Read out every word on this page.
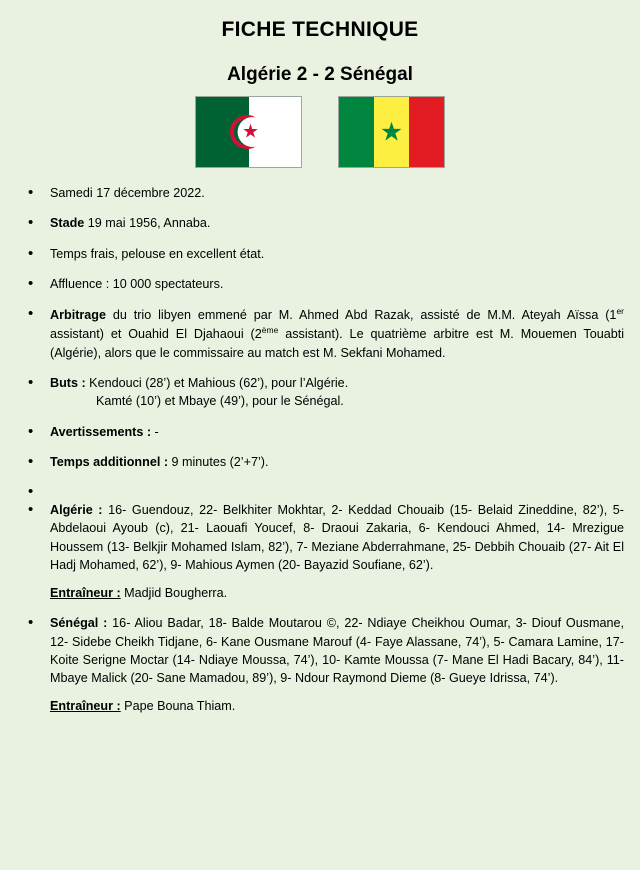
FICHE TECHNIQUE
Algérie 2 - 2 Sénégal
★	★
• Samedi 17 décembre 2022.
• Stade 19 mai 1956, Annaba.
• Temps frais, pelouse en excellent état.
• Affluence : 10 000 spectateurs.
• Arbitrage du trio libyen emmené par M. Ahmed Abd Razak, assisté de M.M. Ateyah Aïssa (1er assistant) et Ouahid El Djahaoui (2ème assistant). Le quatrième arbitre est M. Mouemen Touabti (Algérie), alors que le commissaire au match est M. Sekfani Mohamed.
• Buts : Kendouci (28’) et Mahious (62’), pour l’Algérie.
Kamté (10’) et Mbaye (49’), pour le Sénégal.
• Avertissements : -
• Temps additionnel : 9 minutes (2’+7’).
•
• Algérie : 16- Guendouz, 22- Belkhiter Mokhtar, 2- Keddad Chouaib (15- Belaid Zineddine, 82’), 5- Abdelaoui Ayoub (c), 21- Laouafi Youcef, 8- Draoui Zakaria, 6- Kendouci Ahmed, 14- Mrezigue Houssem (13- Belkjir Mohamed Islam, 82’), 7- Meziane Abderrahmane, 25- Debbih Chouaib (27- Ait El Hadj Mohamed, 62’), 9- Mahious Aymen (20- Bayazid Soufiane, 62’).
Entraîneur : Madjid Bougherra.
• Sénégal : 16- Aliou Badar, 18- Balde Moutarou ©, 22- Ndiaye Cheikhou Oumar, 3- Diouf Ousmane, 12- Sidebe Cheikh Tidjane, 6- Kane Ousmane Marouf (4- Faye Alassane, 74’), 5- Camara Lamine, 17- Koite Serigne Moctar (14- Ndiaye Moussa, 74’), 10- Kamte Moussa (7- Mane El Hadi Bacary, 84’), 11- Mbaye Malick (20- Sane Mamadou, 89’), 9- Ndour Raymond Dieme (8- Gueye Idrissa, 74’).
Entraîneur : Pape Bouna Thiam.
